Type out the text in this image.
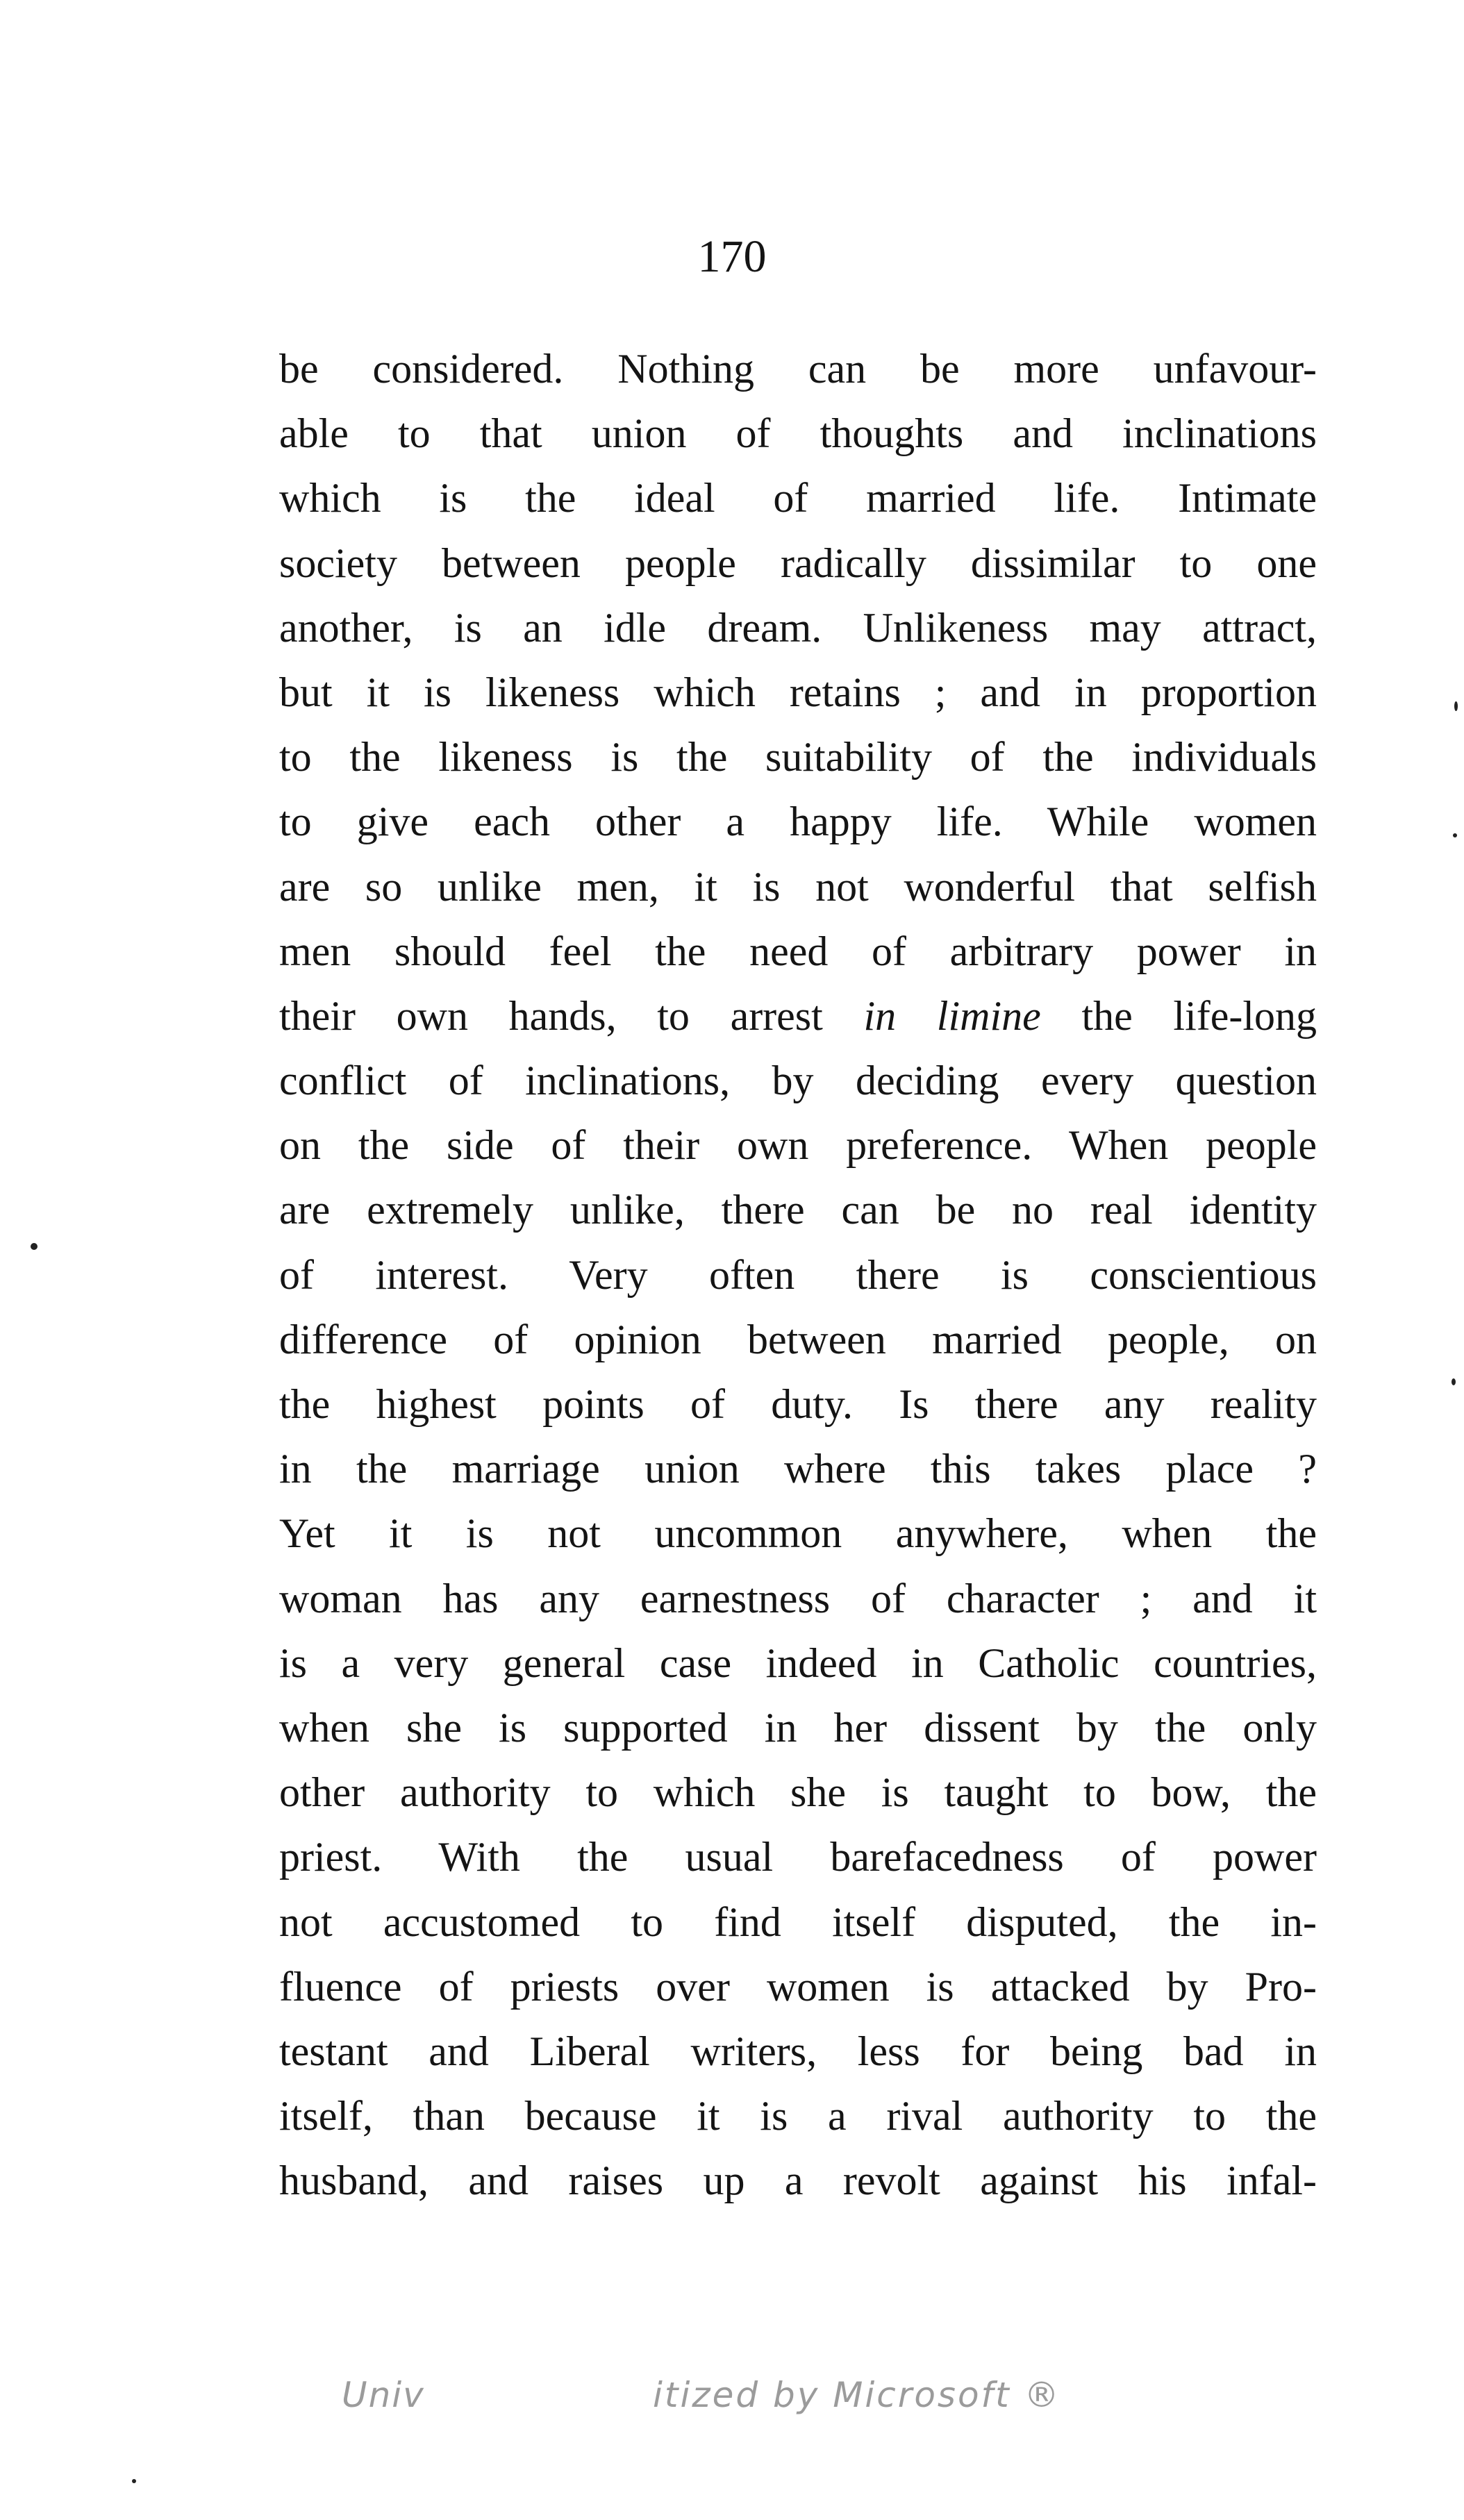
170
be considered. Nothing can be more unfavour-
able to that union of thoughts and inclinations
which is the ideal of married life. Intimate
society between people radically dissimilar to one
another, is an idle dream. Unlikeness may attract,
but it is likeness which retains ; and in proportion
to the likeness is the suitability of the individuals
to give each other a happy life. While women
are so unlike men, it is not wonderful that selfish
men should feel the need of arbitrary power in
their own hands, to arrest in limine the life-long
conflict of inclinations, by deciding every question
on the side of their own preference. When people
are extremely unlike, there can be no real identity
of interest. Very often there is conscientious
difference of opinion between married people, on
the highest points of duty. Is there any reality
in the marriage union where this takes place ?
Yet it is not uncommon anywhere, when the
woman has any earnestness of character ; and it
is a very general case indeed in Catholic countries,
when she is supported in her dissent by the only
other authority to which she is taught to bow, the
priest. With the usual barefacedness of power
not accustomed to find itself disputed, the in-
fluence of priests over women is attacked by Pro-
testant and Liberal writers, less for being bad in
itself, than because it is a rival authority to the
husband, and raises up a revolt against his infal-
Univ	itized by Microsoft ®
